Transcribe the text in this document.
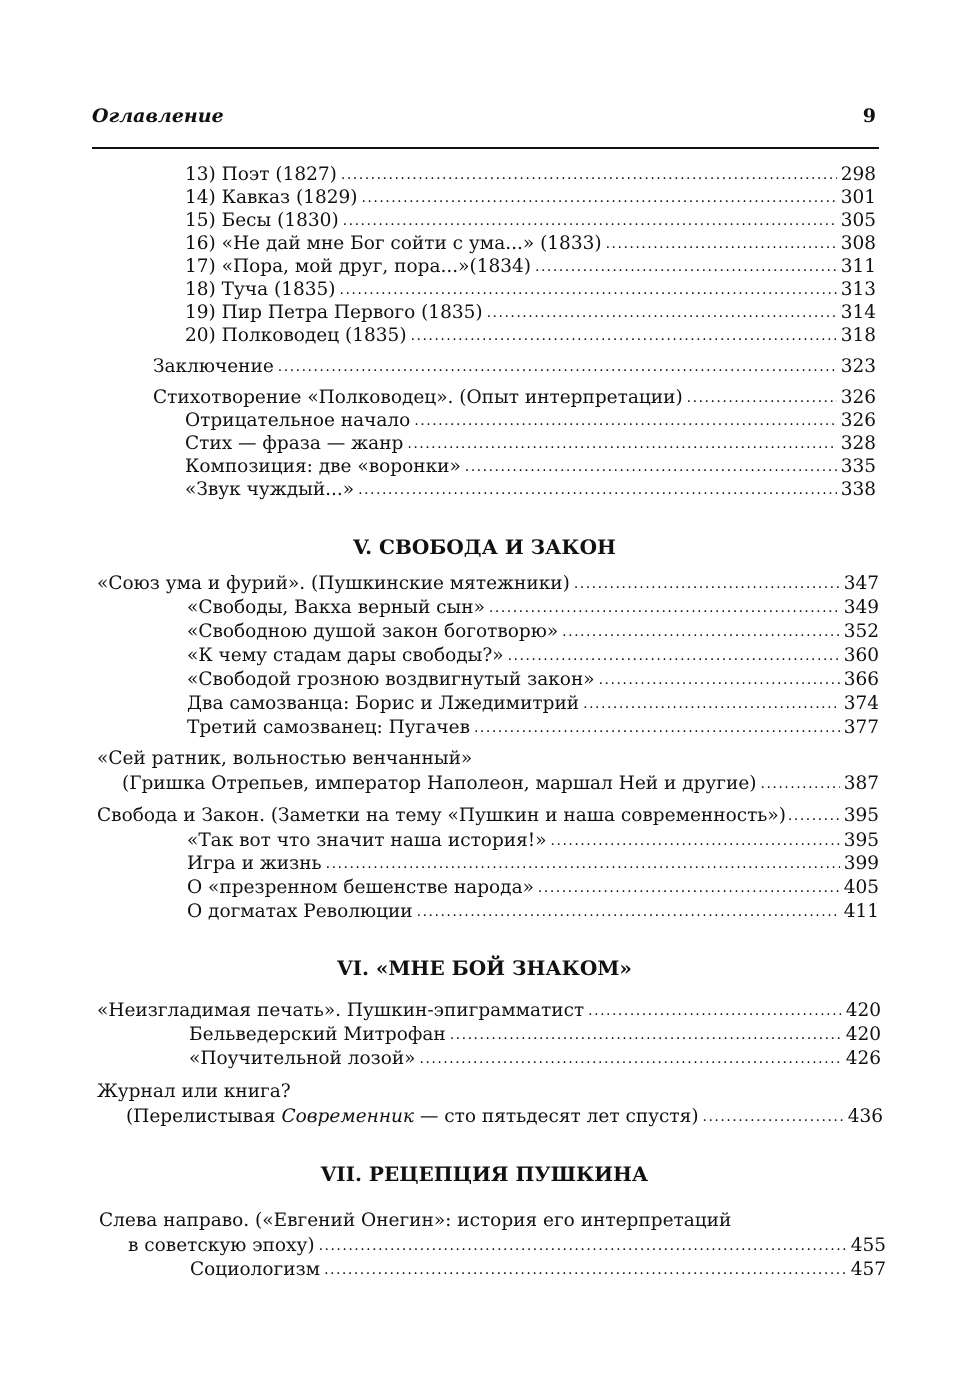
Оглавление	9
13) Поэт (1827) .....	298
14) Кавказ (1829) .....	301
15) Бесы (1830) .....	305
16) «Не дай мне Бог сойти с ума...» (1833) .....	308
17) «Пора, мой друг, пора...»(1834) .....	311
18) Туча (1835) .....	313
19) Пир Петра Первого (1835) .....	314
20) Полководец (1835) .....	318
Заключение .....	323
Стихотворение «Полководец». (Опыт интерпретации) .....	326
Отрицательное начало .....	326
Стих — фраза — жанр .....	328
Композиция: две «воронки» .....	335
«Звук чуждый...» .....	338
V. СВОБОДА И ЗАКОН
«Союз ума и фурий». (Пушкинские мятежники) .....	347
«Свободы, Вакха верный сын» .....	349
«Свободною душой закон боготворю» .....	352
«К чему стадам дары свободы?» .....	360
«Свободой грозною воздвигнутый закон» .....	366
Два самозванца: Борис и Лжедимитрий .....	374
Третий самозванец: Пугачев .....	377
«Сей ратник, вольностью венчанный»
(Гришка Отрепьев, император Наполеон, маршал Ней и другие) .....	387
Свобода и Закон. (Заметки на тему «Пушкин и наша современность») .....	395
«Так вот что значит наша история!» .....	395
Игра и жизнь .....	399
О «презренном бешенстве народа» .....	405
О догматах Революции .....	411
VI. «МНЕ БОЙ ЗНАКОМ»
«Неизгладимая печать». Пушкин-эпиграмматист .....	420
Бельведерский Митрофан .....	420
«Поучительной лозой» .....	426
Журнал или книга?
(Перелистывая Современник — сто пятьдесят лет спустя) .....	436
VII. РЕЦЕПЦИЯ ПУШКИНА
Слева направо. («Евгений Онегин»: история его интерпретаций
в советскую эпоху) .....	455
Социологизм .....	457
